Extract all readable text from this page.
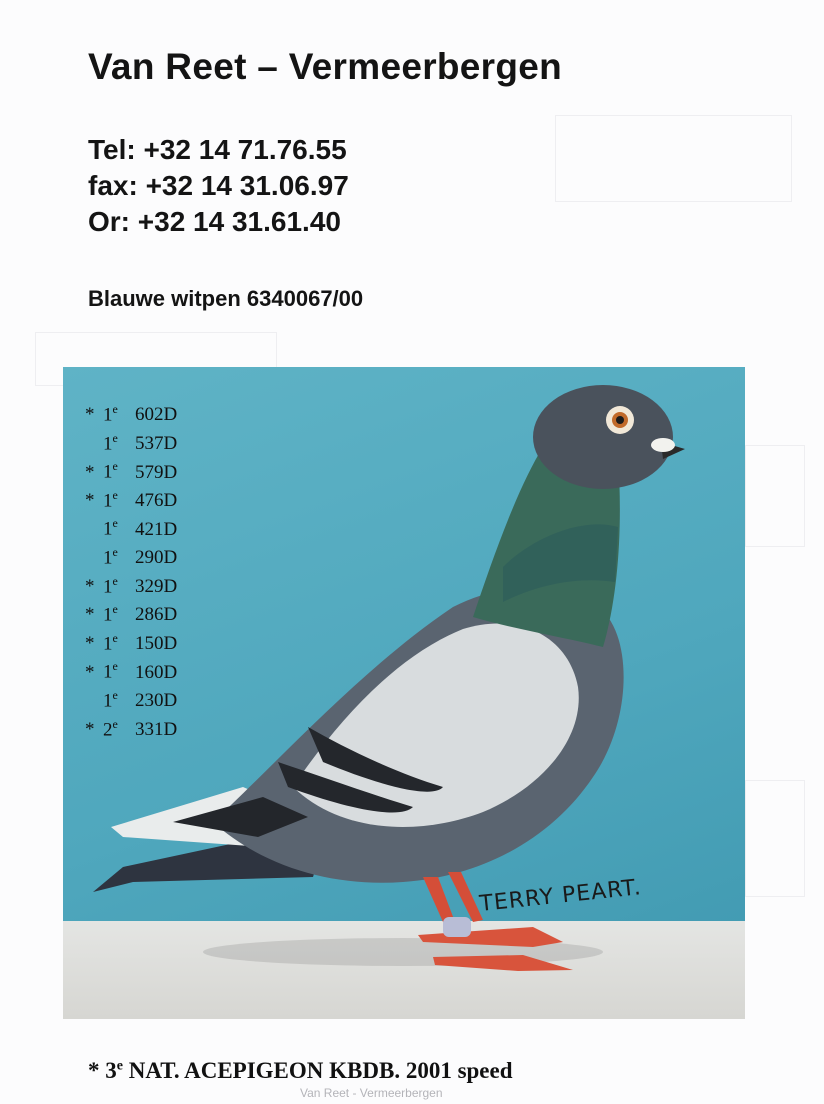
Van Reet – Vermeerbergen
Tel: +32 14 71.76.55
fax: +32 14 31.06.97
Or: +32 14 31.61.40
Blauwe witpen 6340067/00
* 1e 602D
1e 537D
* 1e 579D
* 1e 476D
1e 421D
1e 290D
* 1e 329D
* 1e 286D
* 1e 150D
* 1e 160D
1e 230D
* 2e 331D
TERRY PEART.
* 3e NAT. ACEPIGEON KBDB. 2001 speed
Van Reet - Vermeerbergen
